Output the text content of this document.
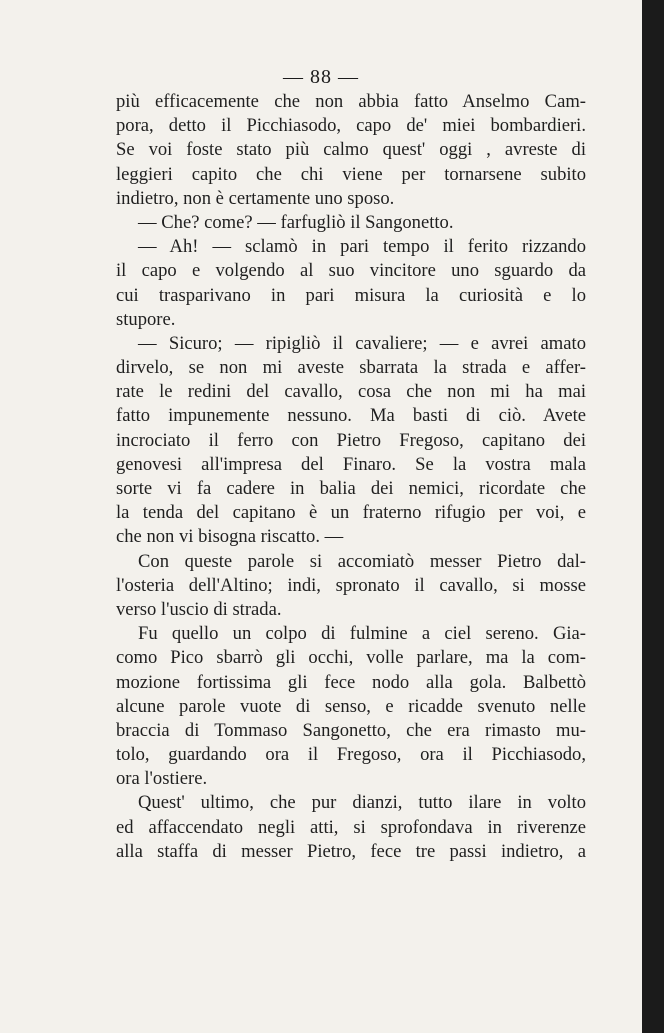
— 88 —
più efficacemente che non abbia fatto Anselmo Cam-
pora, detto il Picchiasodo, capo de' miei bombardieri.
Se voi foste stato più calmo quest' oggi , avreste di
leggieri capito che chi viene per tornarsene subito
indietro, non è certamente uno sposo.
— Che? come? — farfugliò il Sangonetto.
— Ah! — sclamò in pari tempo il ferito rizzando
il capo e volgendo al suo vincitore uno sguardo da
cui trasparivano in pari misura la curiosità e lo
stupore.
— Sicuro; — ripigliò il cavaliere; — e avrei amato
dirvelo, se non mi aveste sbarrata la strada e affer-
rate le redini del cavallo, cosa che non mi ha mai
fatto impunemente nessuno. Ma basti di ciò. Avete
incrociato il ferro con Pietro Fregoso, capitano dei
genovesi all'impresa del Finaro. Se la vostra mala
sorte vi fa cadere in balia dei nemici, ricordate che
la tenda del capitano è un fraterno rifugio per voi, e
che non vi bisogna riscatto. —
Con queste parole si accomiatò messer Pietro dal-
l'osteria dell'Altino; indi, spronato il cavallo, si mosse
verso l'uscio di strada.
Fu quello un colpo di fulmine a ciel sereno. Gia-
como Pico sbarrò gli occhi, volle parlare, ma la com-
mozione fortissima gli fece nodo alla gola. Balbettò
alcune parole vuote di senso, e ricadde svenuto nelle
braccia di Tommaso Sangonetto, che era rimasto mu-
tolo, guardando ora il Fregoso, ora il Picchiasodo,
ora l'ostiere.
Quest' ultimo, che pur dianzi, tutto ilare in volto
ed affaccendato negli atti, si sprofondava in riverenze
alla staffa di messer Pietro, fece tre passi indietro, a
